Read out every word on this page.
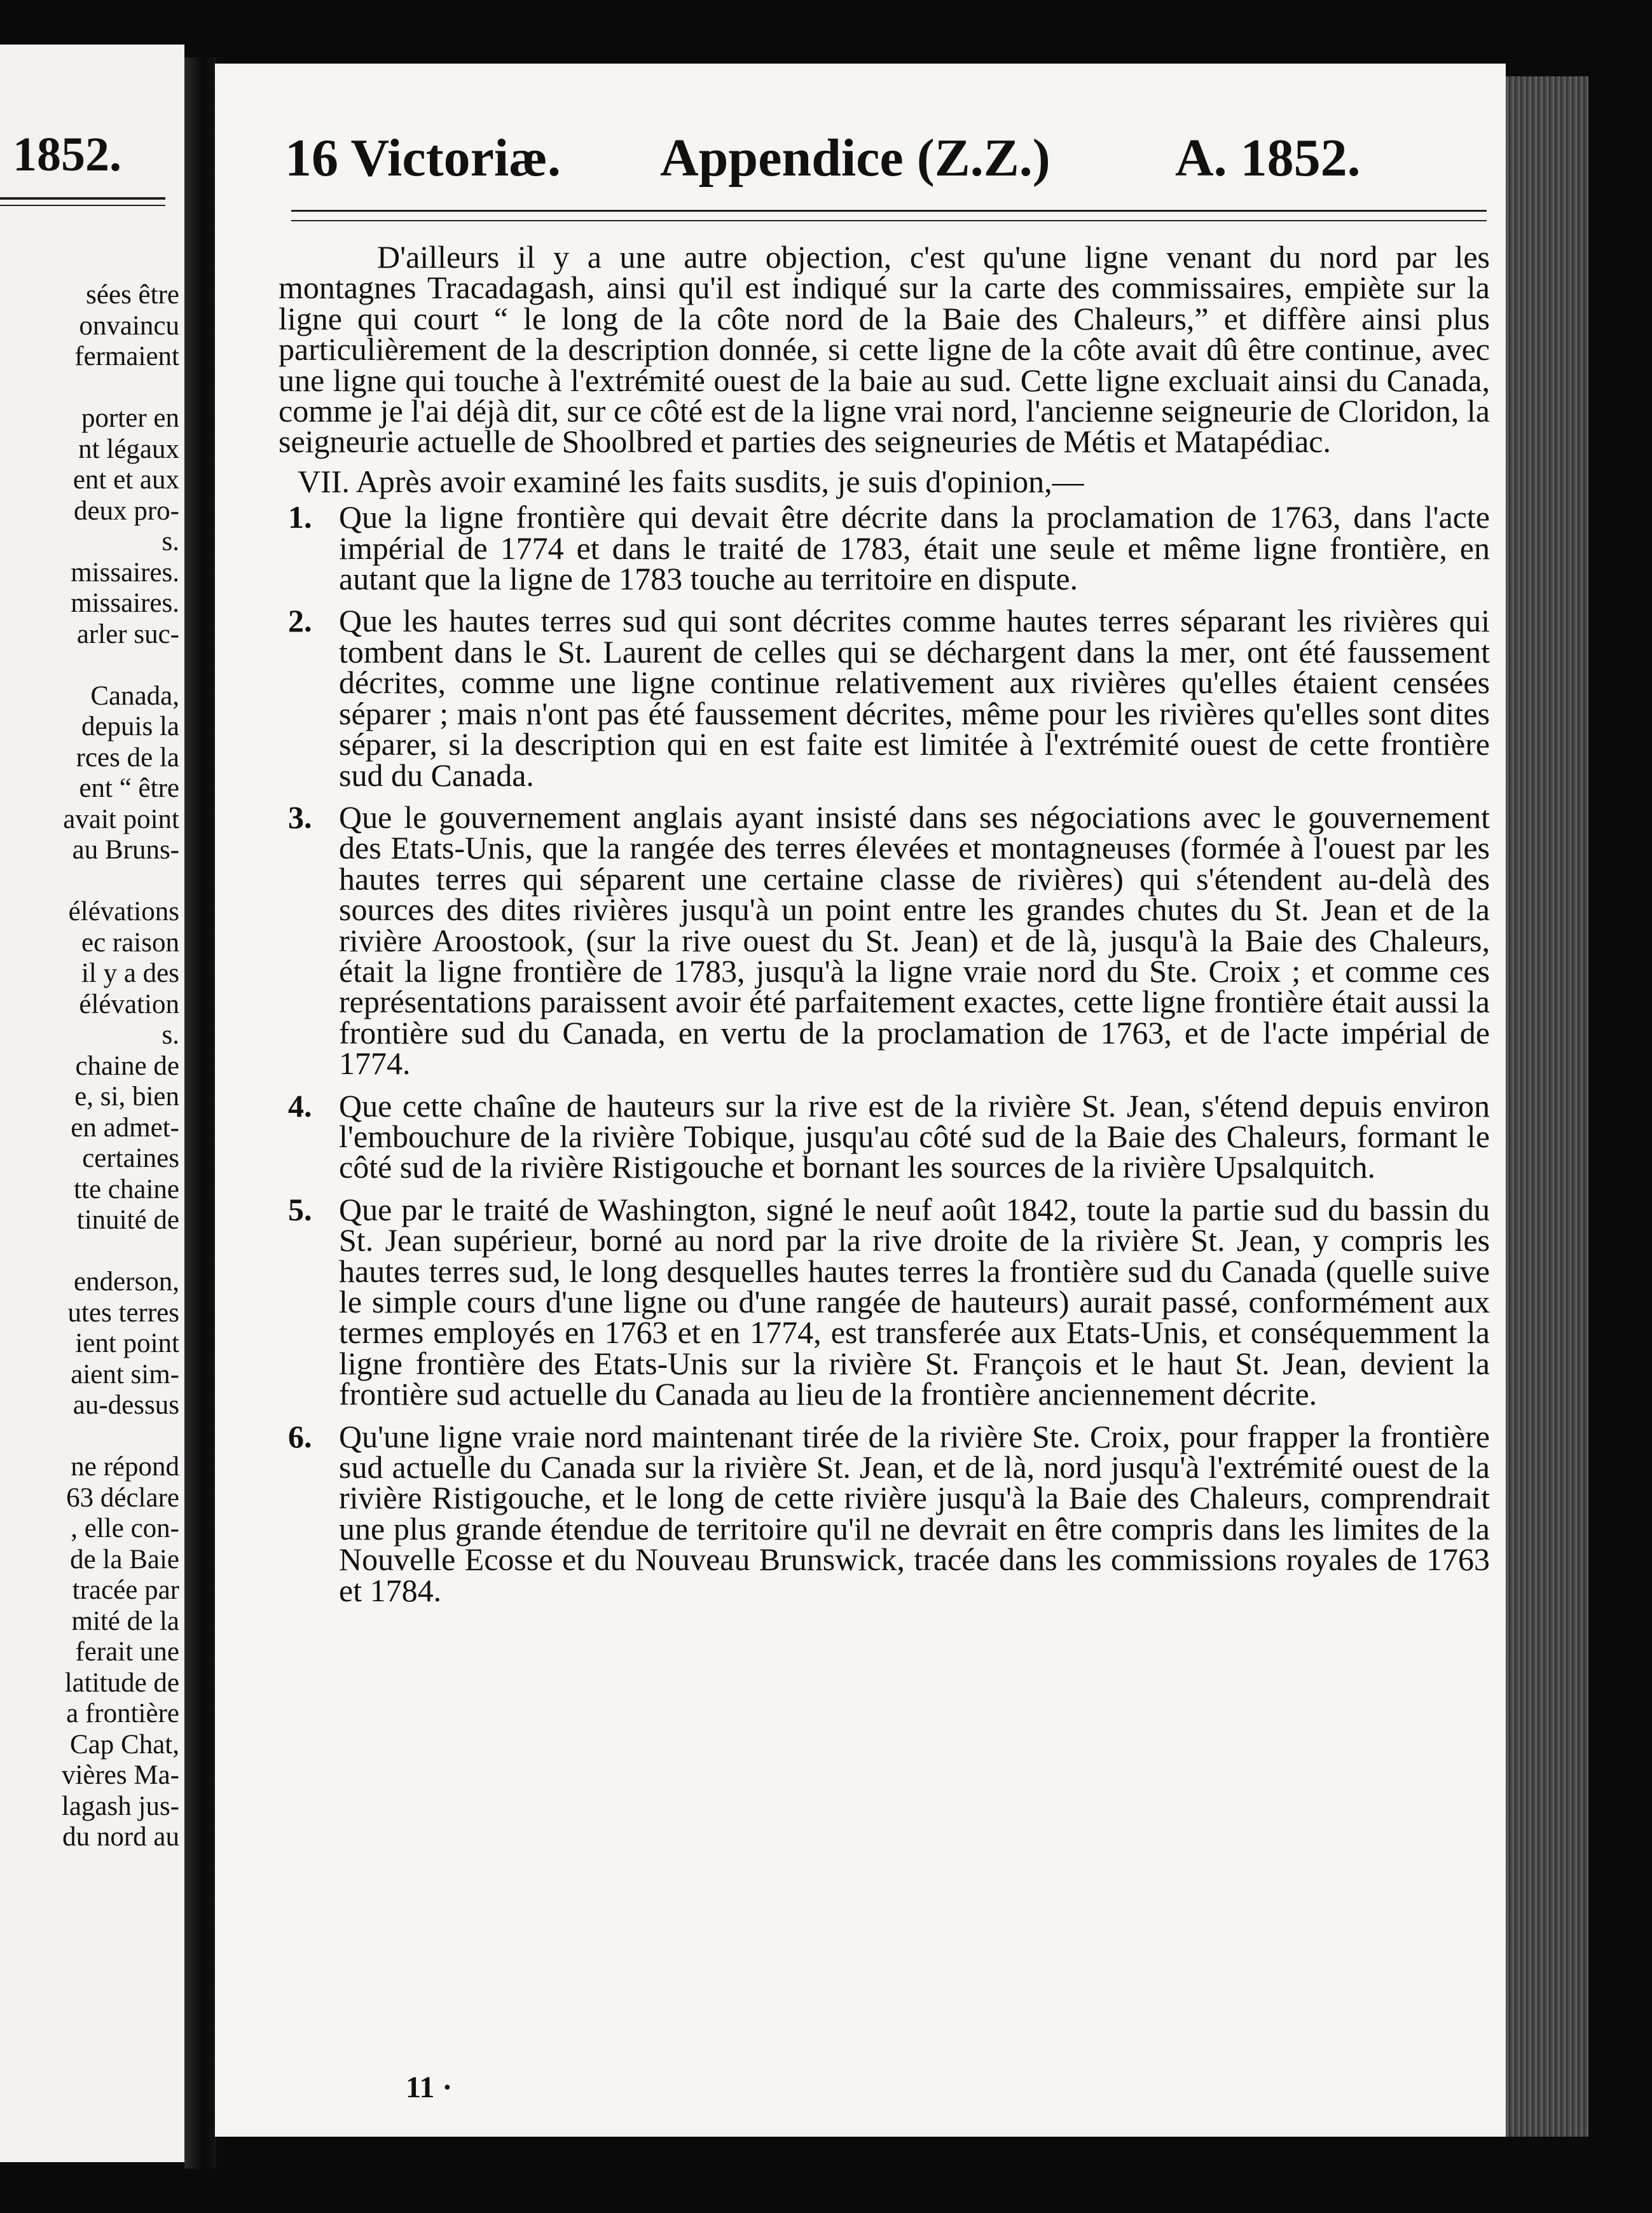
1852.
sées être
onvaincu
fermaient
porter en
nt légaux
ent et aux
deux pro-
s.
missaires.
missaires.
arler suc-
Canada,
depuis la
rces de la
ent “ être
avait point
au Bruns-
élévations
ec raison
il y a des
élévation
s.
chaine de
e, si, bien
en admet-
certaines
tte chaine
tinuité de
enderson,
utes terres
ient point
aient sim-
au-dessus
ne répond
63 déclare
, elle con-
de la Baie
tracée par
mité de la
ferait une
latitude de
a frontière
Cap Chat,
vières Ma-
lagash jus-
du nord au
16 Victoriæ. Appendice (Z.Z.) A. 1852.

D'ailleurs il y a une autre objection, c'est qu'une ligne venant du nord par les montagnes Tracadagash, ainsi qu'il est indiqué sur la carte des commissaires, empiète sur la ligne qui court “ le long de la côte nord de la Baie des Chaleurs,” et diffère ainsi plus particulièrement de la description donnée, si cette ligne de la côte avait dû être continue, avec une ligne qui touche à l'extrémité ouest de la baie au sud. Cette ligne excluait ainsi du Canada, comme je l'ai déjà dit, sur ce côté est de la ligne vrai nord, l'ancienne seigneurie de Cloridon, la seigneurie actuelle de Shoolbred et parties des seigneuries de Métis et Matapédiac.

VII. Après avoir examiné les faits susdits, je suis d'opinion,—
1. Que la ligne frontière qui devait être décrite dans la proclamation de 1763, dans l'acte impérial de 1774 et dans le traité de 1783, était une seule et même ligne frontière, en autant que la ligne de 1783 touche au territoire en dispute.
2. Que les hautes terres sud qui sont décrites comme hautes terres séparant les rivières qui tombent dans le St. Laurent de celles qui se déchargent dans la mer, ont été faussement décrites, comme une ligne continue relativement aux rivières qu'elles étaient censées séparer ; mais n'ont pas été faussement décrites, même pour les rivières qu'elles sont dites séparer, si la description qui en est faite est limitée à l'extrémité ouest de cette frontière sud du Canada.
3. Que le gouvernement anglais ayant insisté dans ses négociations avec le gouvernement des Etats-Unis, que la rangée des terres élevées et montagneuses (formée à l'ouest par les hautes terres qui séparent une certaine classe de rivières) qui s'étendent au-delà des sources des dites rivières jusqu'à un point entre les grandes chutes du St. Jean et de la rivière Aroostook, (sur la rive ouest du St. Jean) et de là, jusqu'à la Baie des Chaleurs, était la ligne frontière de 1783, jusqu'à la ligne vraie nord du Ste. Croix ; et comme ces représentations paraissent avoir été parfaitement exactes, cette ligne frontière était aussi la frontière sud du Canada, en vertu de la proclamation de 1763, et de l'acte impérial de 1774.
4. Que cette chaîne de hauteurs sur la rive est de la rivière St. Jean, s'étend depuis environ l'embouchure de la rivière Tobique, jusqu'au côté sud de la Baie des Chaleurs, formant le côté sud de la rivière Ristigouche et bornant les sources de la rivière Upsalquitch.
5. Que par le traité de Washington, signé le neuf août 1842, toute la partie sud du bassin du St. Jean supérieur, borné au nord par la rive droite de la rivière St. Jean, y compris les hautes terres sud, le long desquelles hautes terres la frontière sud du Canada (quelle suive le simple cours d'une ligne ou d'une rangée de hauteurs) aurait passé, conformément aux termes employés en 1763 et en 1774, est transferée aux Etats-Unis, et conséquemment la ligne frontière des Etats-Unis sur la rivière St. François et le haut St. Jean, devient la frontière sud actuelle du Canada au lieu de la frontière anciennement décrite.
6. Qu'une ligne vraie nord maintenant tirée de la rivière Ste. Croix, pour frapper la frontière sud actuelle du Canada sur la rivière St. Jean, et de là, nord jusqu'à l'extrémité ouest de la rivière Ristigouche, et le long de cette rivière jusqu'à la Baie des Chaleurs, comprendrait une plus grande étendue de territoire qu'il ne devrait en être compris dans les limites de la Nouvelle Ecosse et du Nouveau Brunswick, tracée dans les commissions royales de 1763 et 1784.
11 ·
